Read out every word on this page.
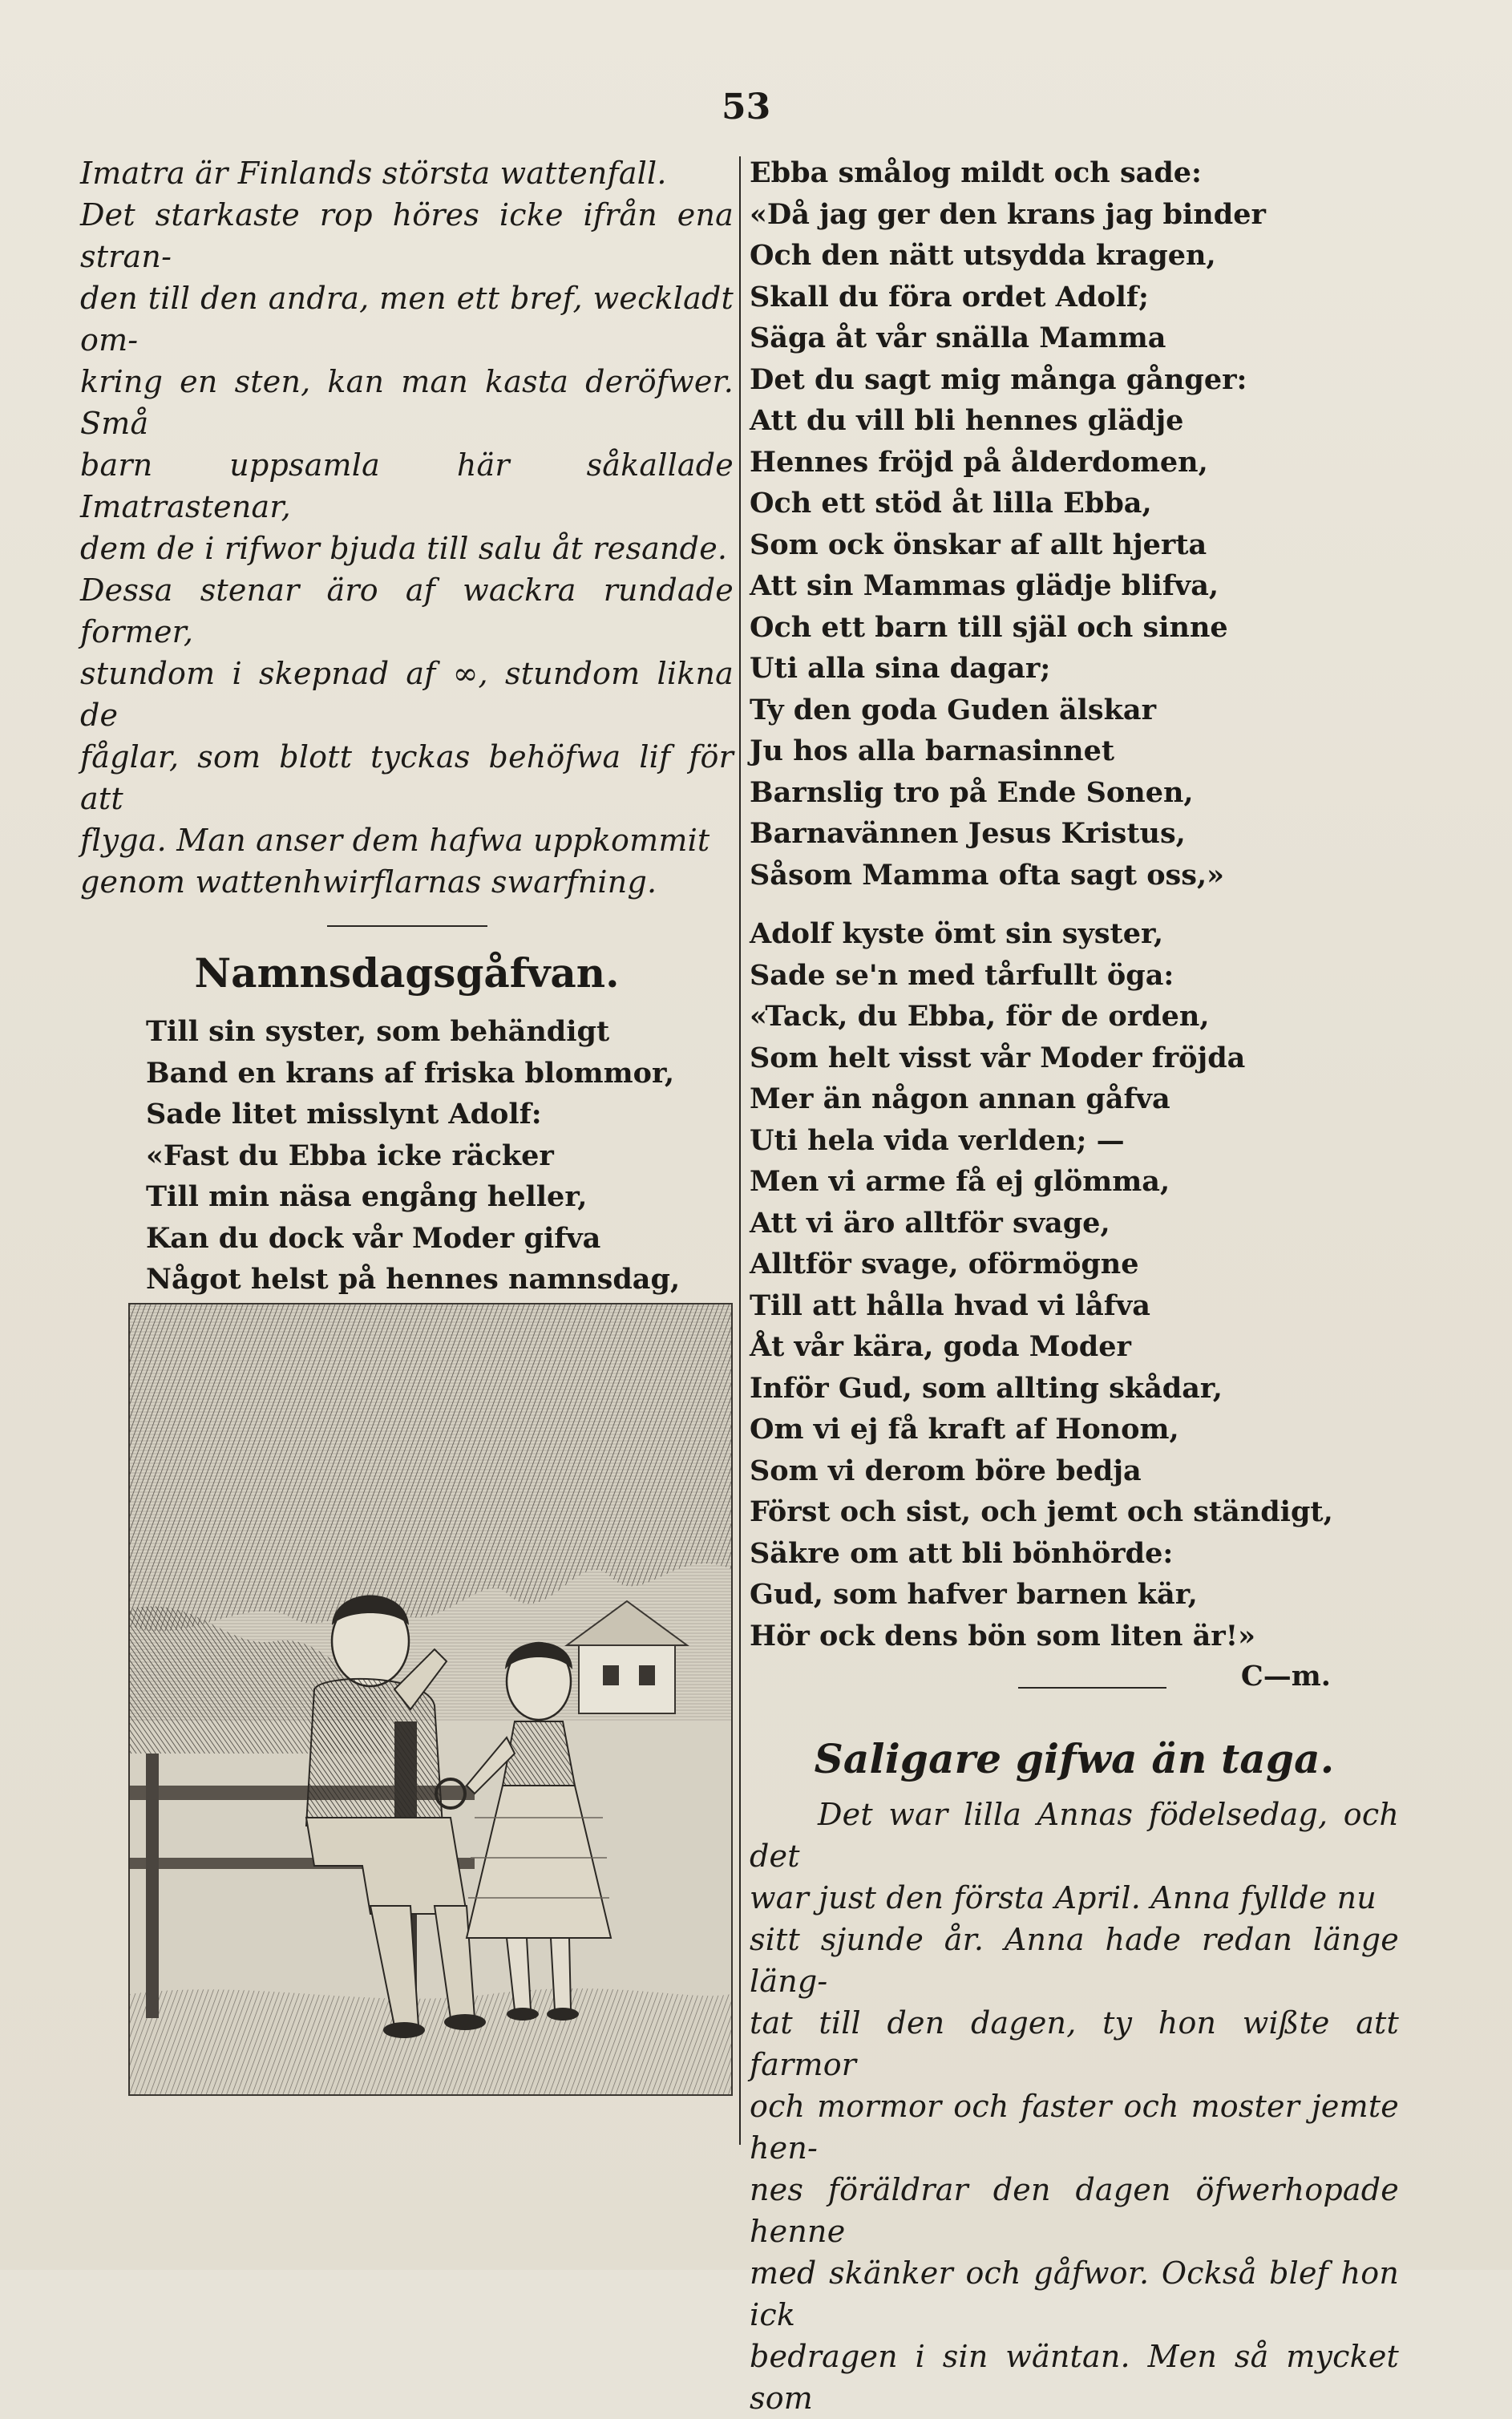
53

Imatra är Finlands största wattenfall.
Det starkaste rop höres icke ifrån ena stran-
den till den andra, men ett bref, weckladt om-
kring en sten, kan man kasta deröfwer. Små
barn uppsamla här såkallade Imatrastenar,
dem de i rifwor bjuda till salu åt resande.
Dessa stenar äro af wackra rundade former,
stundom i skepnad af ∞, stundom likna de
fåglar, som blott tyckas behöfwa lif för att
flyga. Man anser dem hafwa uppkommit
genom wattenhwirflarnas swarfning.

Namnsdagsgåfvan.
Till sin syster, som behändigt
Band en krans af friska blommor,
Sade litet misslynt Adolf:
«Fast du Ebba icke räcker
Till min näsa engång heller,
Kan du dock vår Moder gifva
Något helst på hennes namnsdag,
Ebba smålog mildt och sade:
«Då jag ger den krans jag binder
Och den nätt utsydda kragen,
Skall du föra ordet Adolf;
Säga åt vår snälla Mamma
Det du sagt mig många gånger:
Att du vill bli hennes glädje
Hennes fröjd på ålderdomen,
Och ett stöd åt lilla Ebba,
Som ock önskar af allt hjerta
Att sin Mammas glädje blifva,
Och ett barn till själ och sinne
Uti alla sina dagar;
Ty den goda Guden älskar
Ju hos alla barnasinnet
Barnslig tro på Ende Sonen,
Barnavännen Jesus Kristus,
Såsom Mamma ofta sagt oss,»
Adolf kyste ömt sin syster,
Sade se'n med tårfullt öga:
«Tack, du Ebba, för de orden,
Som helt visst vår Moder fröjda
Mer än någon annan gåfva
Uti hela vida verlden; —
Men vi arme få ej glömma,
Att vi äro alltför svage,
Alltför svage, oförmögne
Till att hålla hvad vi låfva
Åt vår kära, goda Moder
Inför Gud, som allting skådar,
Om vi ej få kraft af Honom,
Som vi derom böre bedja
Först och sist, och jemt och ständigt,
Säkre om att bli bönhörde:
Gud, som hafver barnen kär,
Hör ock dens bön som liten är!»
C—m.
Saligare gifwa än taga.

Det war lilla Annas födelsedag, och det
war just den första April. Anna fyllde nu
sitt sjunde år. Anna hade redan länge läng-
tat till den dagen, ty hon wißte att farmor
och mormor och faster och moster jemte hen-
nes föräldrar den dagen öfwerhopade henne
med skänker och gåfwor. Också blef hon ick
bedragen i sin wäntan. Men så mycket som
